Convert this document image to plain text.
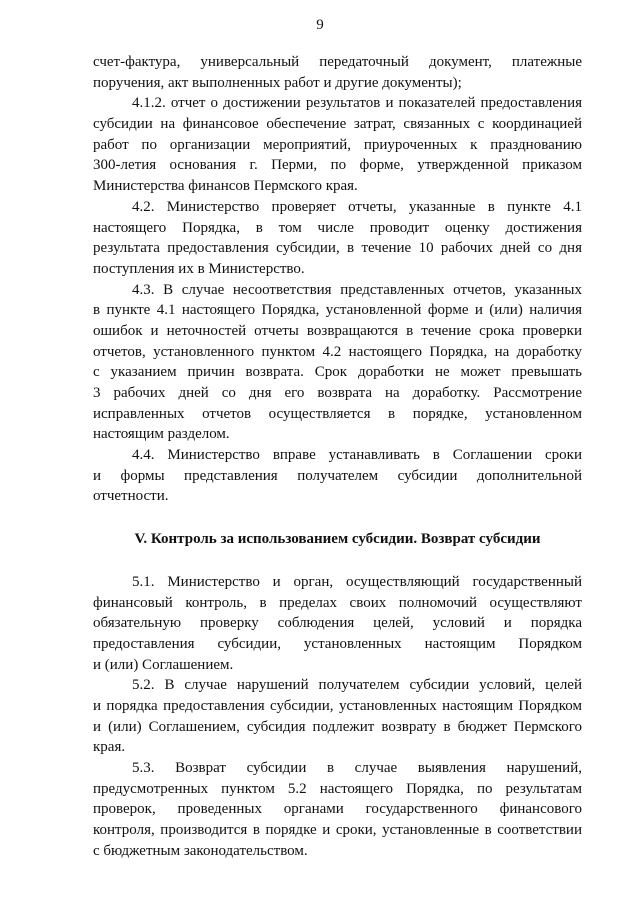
9
счет-фактура, универсальный передаточный документ, платежные
поручения, акт выполненных работ и другие документы);
4.1.2. отчет о достижении результатов и показателей предоставления
субсидии на финансовое обеспечение затрат, связанных с координацией
работ по организации мероприятий, приуроченных к празднованию
300-летия основания г. Перми, по форме, утвержденной приказом
Министерства финансов Пермского края.
4.2. Министерство проверяет отчеты, указанные в пункте 4.1
настоящего Порядка, в том числе проводит оценку достижения
результата предоставления субсидии, в течение 10 рабочих дней со дня
поступления их в Министерство.
4.3. В случае несоответствия представленных отчетов, указанных
в пункте 4.1 настоящего Порядка, установленной форме и (или) наличия
ошибок и неточностей отчеты возвращаются в течение срока проверки
отчетов, установленного пунктом 4.2 настоящего Порядка, на доработку
с указанием причин возврата. Срок доработки не может превышать
3 рабочих дней со дня его возврата на доработку. Рассмотрение
исправленных отчетов осуществляется в порядке, установленном
настоящим разделом.
4.4. Министерство вправе устанавливать в Соглашении сроки
и формы представления получателем субсидии дополнительной
отчетности.
V. Контроль за использованием субсидии. Возврат субсидии
5.1. Министерство и орган, осуществляющий государственный
финансовый контроль, в пределах своих полномочий осуществляют
обязательную проверку соблюдения целей, условий и порядка
предоставления субсидии, установленных настоящим Порядком
и (или) Соглашением.
5.2. В случае нарушений получателем субсидии условий, целей
и порядка предоставления субсидии, установленных настоящим Порядком
и (или) Соглашением, субсидия подлежит возврату в бюджет Пермского
края.
5.3. Возврат субсидии в случае выявления нарушений,
предусмотренных пунктом 5.2 настоящего Порядка, по результатам
проверок, проведенных органами государственного финансового
контроля, производится в порядке и сроки, установленные в соответствии
с бюджетным законодательством.
